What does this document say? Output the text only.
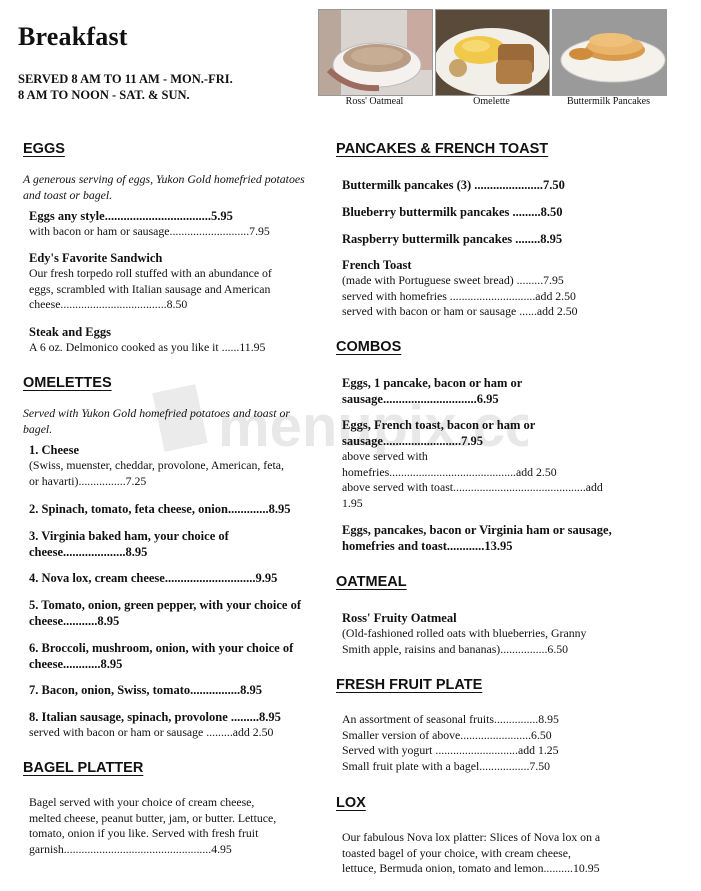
Breakfast
SERVED 8 AM TO 11 AM - MON.-FRI.
8 AM TO NOON - SAT. & SUN.	Ross' Oatmeal	Omelette	Buttermilk Pancakes
menupix.co
EGGS
A generous serving of eggs, Yukon Gold homefried potatoes and toast or bagel.
Eggs any style..................................5.95
with bacon or ham or sausage...........................7.95
Edy's Favorite Sandwich
Our fresh torpedo roll stuffed with an abundance of
eggs, scrambled with Italian sausage and American
cheese....................................8.50
Steak and Eggs
A 6 oz. Delmonico cooked as you like it ......11.95
OMELETTES
Served with Yukon Gold homefried potatoes and toast or bagel.
1. Cheese
(Swiss, muenster, cheddar, provolone, American, feta,
or havarti)................7.25
2. Spinach, tomato, feta cheese, onion.............8.95
3. Virginia baked ham, your choice of
cheese....................8.95
4. Nova lox, cream cheese.............................9.95
5. Tomato, onion, green pepper, with your choice of
cheese...........8.95
6. Broccoli, mushroom, onion, with your choice of
cheese............8.95
7. Bacon, onion, Swiss, tomato................8.95
8. Italian sausage, spinach, provolone .........8.95
served with bacon or ham or sausage .........add 2.50
BAGEL PLATTER
Bagel served with your choice of cream cheese,
melted cheese, peanut butter, jam, or butter. Lettuce,
tomato, onion if you like. Served with fresh fruit
garnish..................................................4.95
PANCAKES & FRENCH TOAST
Buttermilk pancakes (3) ......................7.50
Blueberry buttermilk pancakes .........8.50
Raspberry buttermilk pancakes ........8.95
French Toast
(made with Portuguese sweet bread) .........7.95
served with homefries .............................add 2.50
served with bacon or ham or sausage ......add 2.50
COMBOS
Eggs, 1 pancake, bacon or ham or
sausage..............................6.95
Eggs, French toast, bacon or ham or
sausage.........................7.95
above served with
homefries...........................................add 2.50
above served with toast.............................................add
1.95
Eggs, pancakes, bacon or Virginia ham or sausage,
homefries and toast............13.95
OATMEAL
Ross' Fruity Oatmeal
(Old-fashioned rolled oats with blueberries, Granny
Smith apple, raisins and bananas)................6.50
FRESH FRUIT PLATE
An assortment of seasonal fruits...............8.95
Smaller version of above........................6.50
Served with yogurt ............................add 1.25
Small fruit plate with a bagel.................7.50
LOX
Our fabulous Nova lox platter: Slices of Nova lox on a
toasted bagel of your choice, with cream cheese,
lettuce, Bermuda onion, tomato and lemon..........10.95
